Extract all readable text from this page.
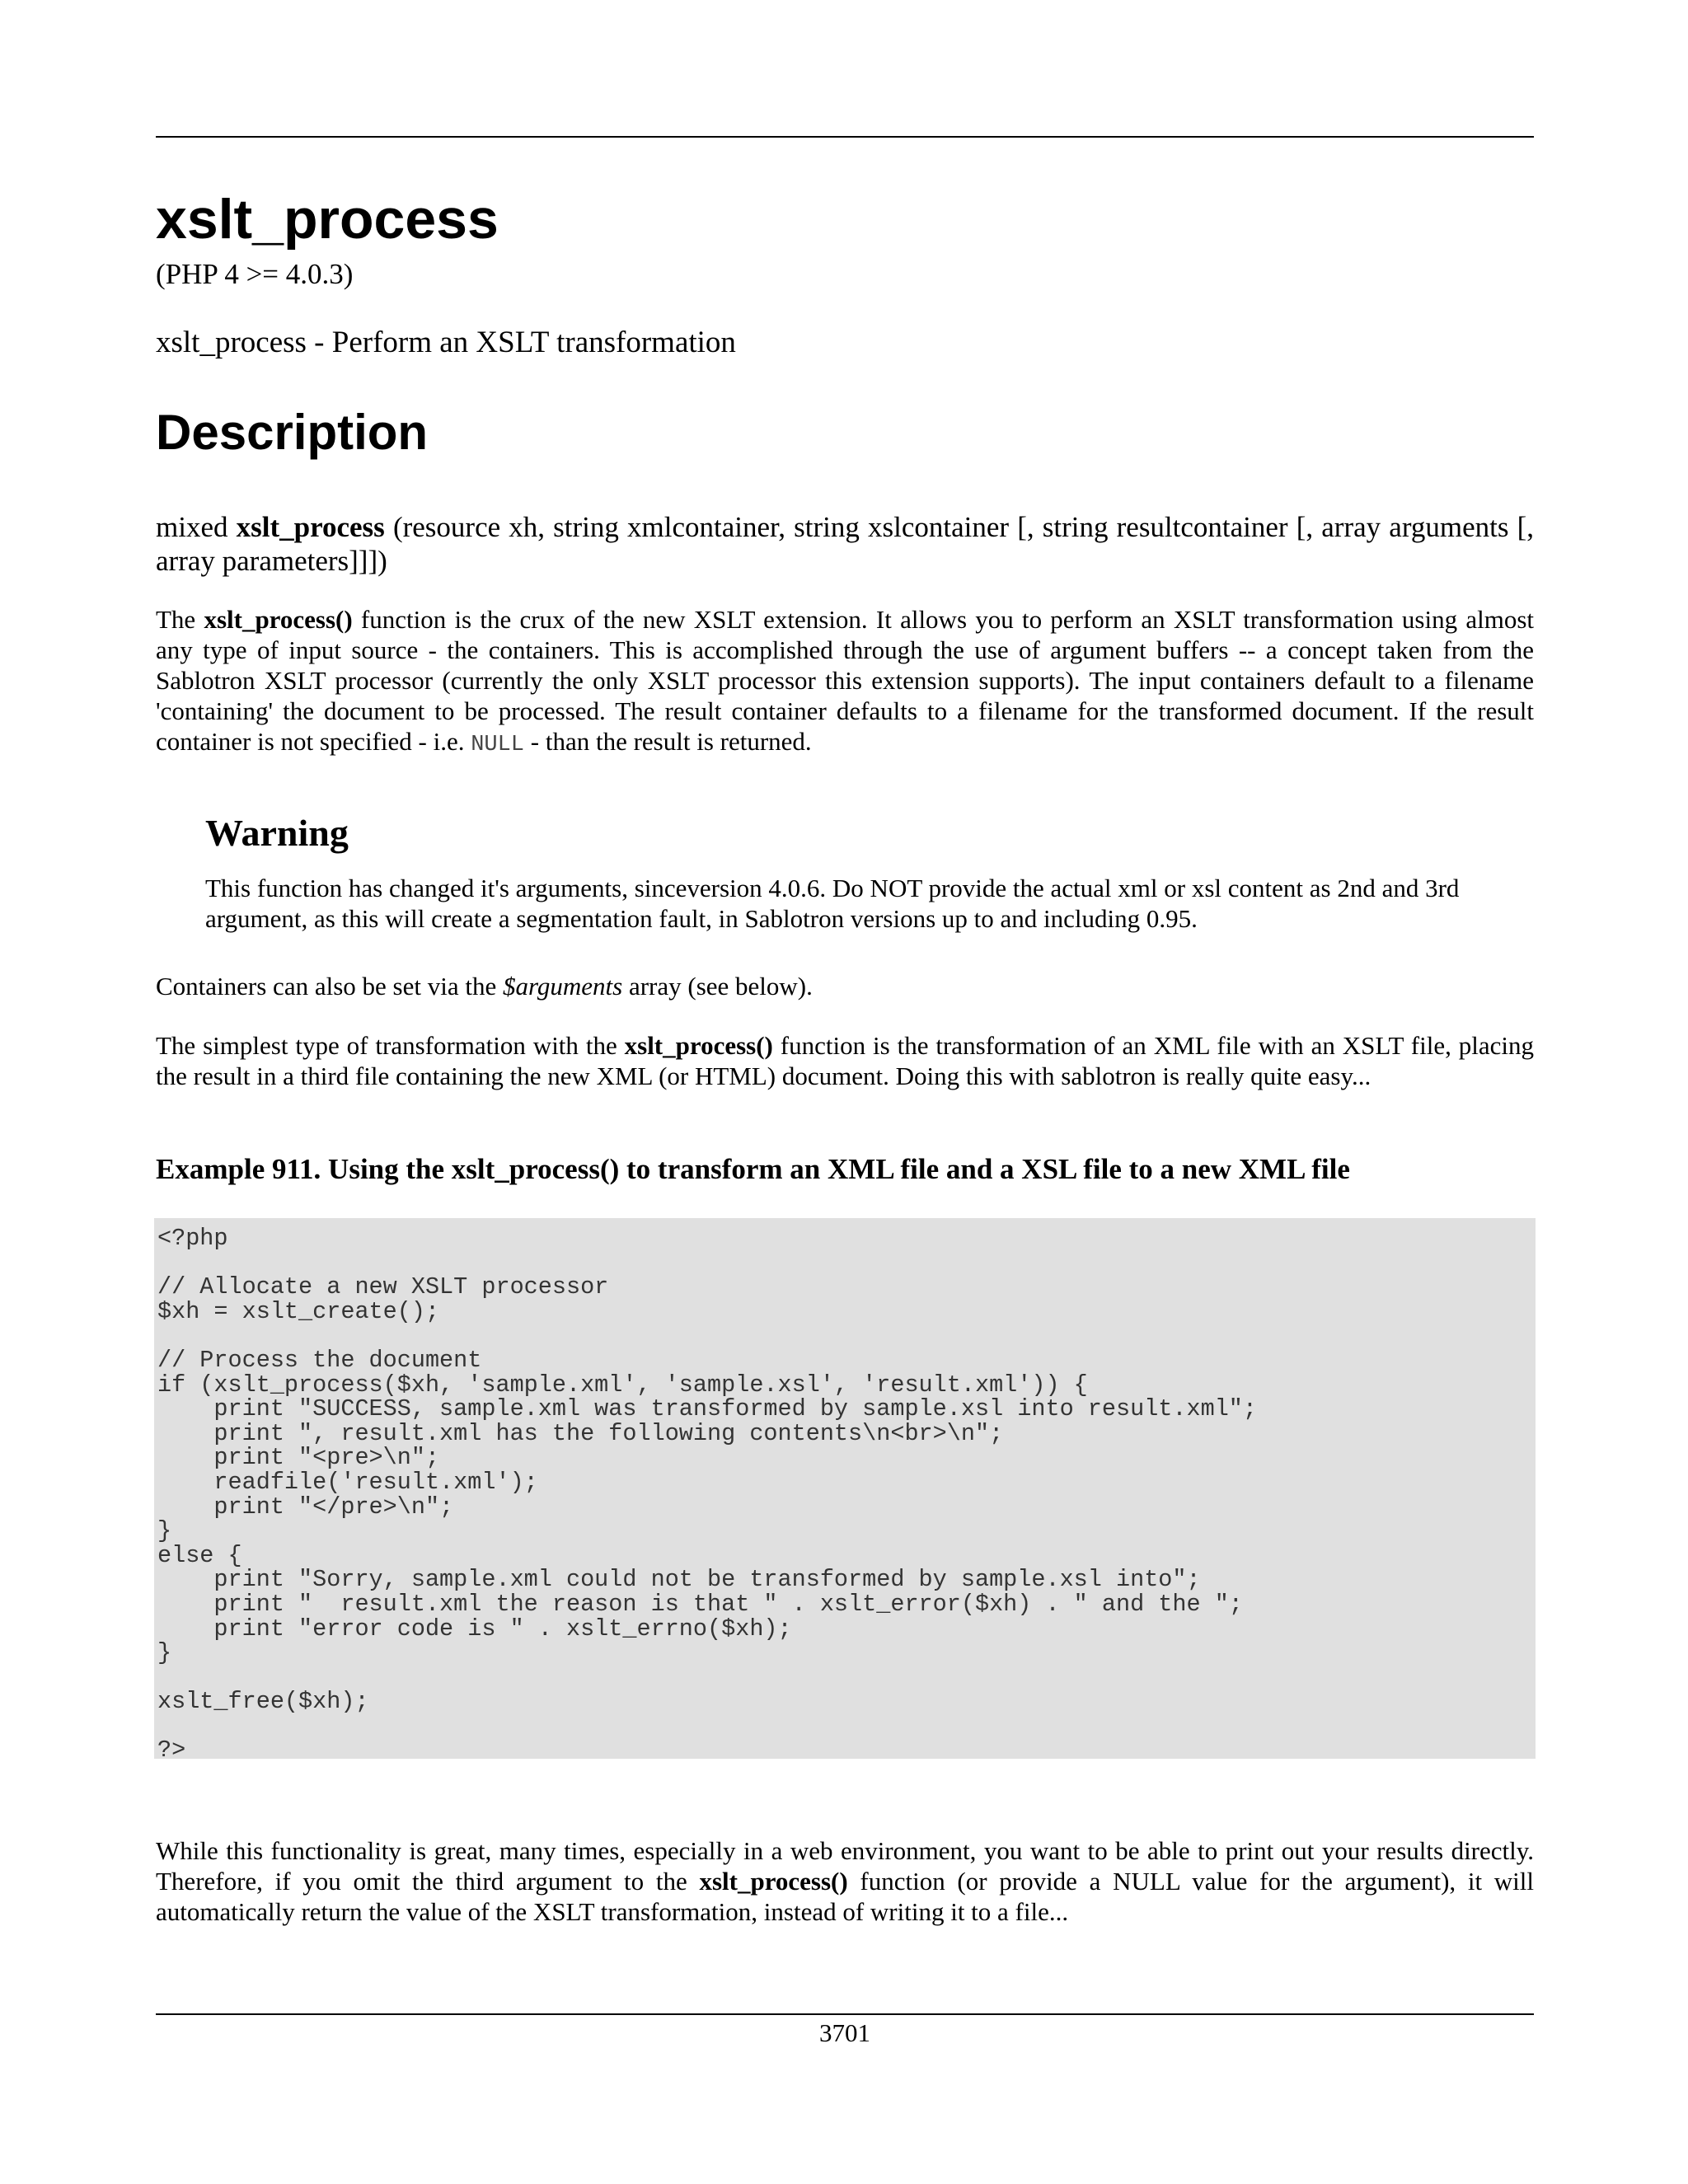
xslt_process
(PHP 4 >= 4.0.3)
xslt_process - Perform an XSLT transformation
Description
mixed xslt_process (resource xh, string xmlcontainer, string xslcontainer [, string resultcontainer [, array arguments [, array parameters]]])

The xslt_process() function is the crux of the new XSLT extension. It allows you to perform an XSLT transformation using almost any type of input source - the containers. This is accomplished through the use of argument buffers -- a concept taken from the Sablotron XSLT processor (currently the only XSLT processor this extension supports). The input containers default to a filename 'containing' the document to be processed. The result container defaults to a filename for the transformed document. If the result container is not specified - i.e. NULL - than the result is returned.

Warning

This function has changed it's arguments, sinceversion 4.0.6. Do NOT provide the actual xml or xsl content as 2nd and 3rd argument, as this will create a segmentation fault, in Sablotron versions up to and including 0.95.

Containers can also be set via the $arguments array (see below).

The simplest type of transformation with the xslt_process() function is the transformation of an XML file with an XSLT file, placing the result in a third file containing the new XML (or HTML) document. Doing this with sablotron is really quite easy...

Example 911. Using the xslt_process() to transform an XML file and a XSL file to a new XML file
<?php

// Allocate a new XSLT processor
$xh = xslt_create();

// Process the document
if (xslt_process($xh, 'sample.xml', 'sample.xsl', 'result.xml')) {
print "SUCCESS, sample.xml was transformed by sample.xsl into result.xml";
print ", result.xml has the following contents\n<br>\n";
print "<pre>\n";
readfile('result.xml');
print "</pre>\n";
}
else {
print "Sorry, sample.xml could not be transformed by sample.xsl into";
print "  result.xml the reason is that " . xslt_error($xh) . " and the ";
print "error code is " . xslt_errno($xh);
}

xslt_free($xh);

?>

While this functionality is great, many times, especially in a web environment, you want to be able to print out your results directly. Therefore, if you omit the third argument to the xslt_process() function (or provide a NULL value for the argument), it will automatically return the value of the XSLT transformation, instead of writing it to a file...

3701
